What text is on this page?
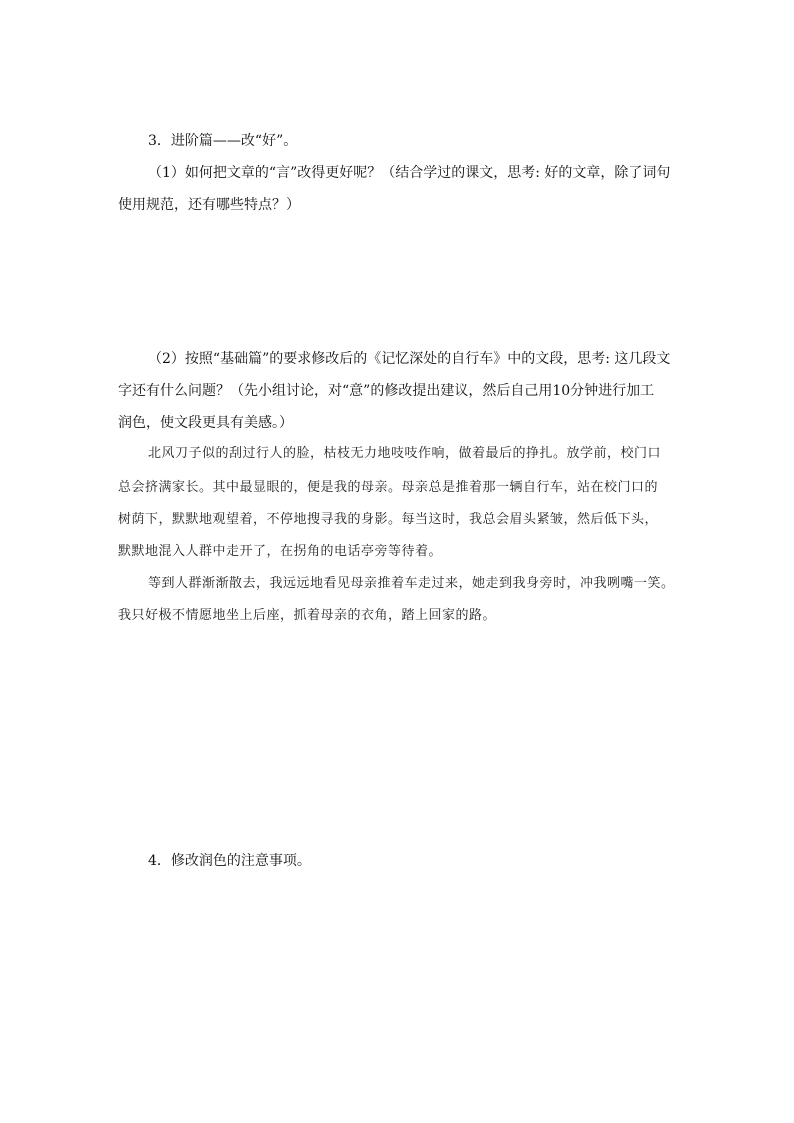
3．进阶篇——改“好”。
（1）如何把文章的“言”改得更好呢？（结合学过的课文，思考: 好的文章，除了词句
使用规范，还有哪些特点？）
（2）按照“基础篇”的要求修改后的《记忆深处的自行车》中的文段，思考: 这几段文
字还有什么问题？（先小组讨论，对“意”的修改提出建议，然后自己用10分钟进行加工
润色，使文段更具有美感。）
北风刀子似的刮过行人的脸，枯枝无力地吱吱作响，做着最后的挣扎。放学前，校门口
总会挤满家长。其中最显眼的，便是我的母亲。母亲总是推着那一辆自行车，站在校门口的
树荫下，默默地观望着，不停地搜寻我的身影。每当这时，我总会眉头紧皱，然后低下头，
默默地混入人群中走开了，在拐角的电话亭旁等待着。
等到人群渐渐散去，我远远地看见母亲推着车走过来，她走到我身旁时，冲我咧嘴一笑。
我只好极不情愿地坐上后座，抓着母亲的衣角，踏上回家的路。
4．修改润色的注意事项。
